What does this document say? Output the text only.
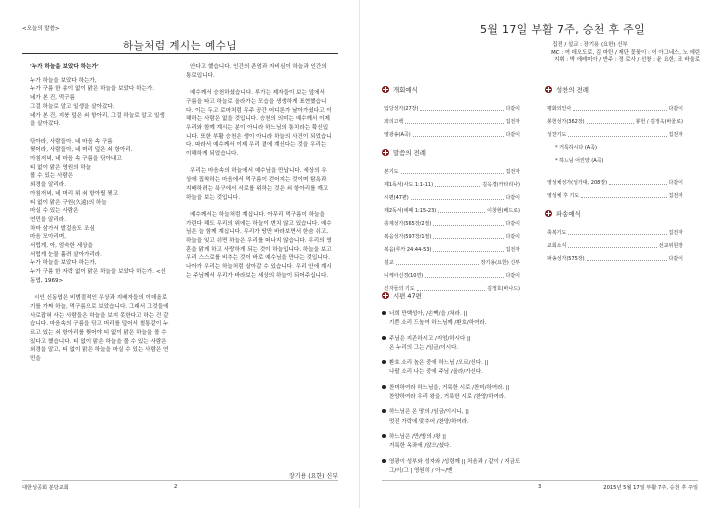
<오늘의 말씀>
하늘처럼 계시는 예수님
'누가 하늘을 보았다 하는가'
누가 하늘을 보았다 하는가,
누가 구름 한 송이 없이 맑은 하늘을 보았다 하는가.
네가 본 건, 먹구름
그걸 하늘로 알고 일생을 살아갔다.
네가 본 건, 지붕 덮은 쇠 항아리, 그걸 하늘로 알고 일생을 살아갔다.
닦아라, 사람들아. 네 마음 속 구름
찢어라, 사람들아, 네 머리 덮은 쇠 항아리.
아침저녁, 네 마음 속 구름을 닦아내고
티 없이 맑은 영원의 하늘
볼 수 있는 사람은
외경을 알리라.
아침저녁, 네 머리 위 쇠 항아릴 찢고
티 없이 맑은 구원(久遠)의 하늘
마실 수 있는 사람은
연민을 알리라.
차마 삼가서 발걸음도 조심
마음 모아리며,
서럽게, 아, 엄숙한 세상을
서럽게 눈물 흘려 살아가리라.
누가 하늘을 보았다 하는가,
누가 구름 한 자락 없이 맑은 하늘을 보았다 하는가. <신동엽, 1969>
시인 신동엽은 비범절적인 우상과 지배자들의 이데올로기를 가짜 하늘, 먹구름으로 보았습니다. 그래서 그것들에 사로잡혀 사는 사람들은 하늘을 보지 못한다고 하는 건 같습니다. 마음속의 구름을 닦고 머리를 덮어서 철통같이 누르고 있는 쇠 항아리를 찢어야 티 없이 맑은 하늘을 볼 수 있다고 했습니다. 티 없이 맑은 하늘을 볼 수 있는 사람은 외경을 알고, 티 없이 맑은 하늘을 마실 수 있는 사람은 연민을
안다고 했습니다. 인간의 존엄과 자비심이 하늘과 인간의 통로입니다.
예수께서 승천하셨습니다. 루가는 제자들이 보는 앞에서 구름을 타고 하늘로 올라가는 모습을 생생하게 표현했습니다. 이는 두고 로마처럼 우주 공간 어디론가 날아가셨다고 이해하는 사람은 없을 것입니다. 승천의 의미는 예수께서 이제 우리와 함께 계시는 분이 아니라 하느님의 통치라는 확신입니다. 또한 부활 승천은 생이 아니라 하늘의 사건이 되었습니다. 따라서 예수께서 이제 우리 곁에 계신다는 것을 우리는 이해하게 되었습니다.
우리는 마음속의 하늘에서 예수님을 만납니다. 세상의 우상에 집착하는 마음에서 먹구름이 걷어지는 것이며 탐욕과 지배하려는 욕구에서 서로를 위하는 것은 쇠 항아리를 깨고 하늘을 보는 것입니다.
예수께서는 하늘처럼 계십니다. 아무리 먹구름이 하늘을 가린다 해도 우리의 위에는 하늘이 변치 않고 있습니다. 예수님은 늘 함께 계십니다. 우리가 땅만 바라보면서 한숨 쉬고, 하늘을 잊고 쉬면 하늘은 우리를 떠나지 않습니다. 우리의 영혼을 맑게 하고 사랑하게 되는 것이 하늘입니다. 하늘을 보고 우리 스스로를 비추는 것이 바로 예수님을 만나는 것입니다. 나아가 우리는 하늘처럼 살아갈 수 있습니다. 우리 안에 계시는 주님께서 우리가 바라보는 세상의 하늘이 되어주십니다.
장기용 (요한) 신부
대한성공회 분당교회	2
5월 17일 부활 7주, 승천 후 주일
집전 / 설교 : 장기용 (요한) 신부
MC : 여 데오도로, 김 마틴 / 제단 꽃꽂이 : 이 아그네스, 노 에린
지휘 : 박 에레미아 / 반주 : 정 로사 / 선창 : 윤 요한, 조 바울로
개회예식
입당성가(27장)	다같이
죄의고백	집전자
영광송(A곡)	다같이
말씀의 전례
본기도	집전자
제1독서(사도 1:1-11)	김옥경(카타리나)
시편(47편)	다같이
제2독서(에페 1:15-23)	이창현(베드로)
층계성가(565장/2절)	다같이
복음성가(597장/1절)	다같이
복음(루카 24:44-53)	집전자
설교	장기용(요한) 신부
니케아신경(10면)	다같이
신자들의 기도	김정호(바나드)
성찬의 전례
평화의인사	다같이
봉헌성가(362장)	봉헌 / 김정옥(바울로)
성찬기도	집전자
* 거룩하시다 (A곡)
* 하느님 어린양 (A곡)
영성체성가(성가대, 208장)	다같이
영성체 후 기도	집전자
파송예식
축복기도	집전자
교회소식	선교위원장
파송성가(575장)	다같이
시편 47편
너희 만백성아, /손뼉/을 /쳐라. ||
기쁜 소리 드높여 하느님께 /환호/하여라.
주님은 지존하시고 /지엄/하시다 ||
온 누리의 그는 /임금/이시다.
환호 소리 높은 중에 하느님 /오르/신다. ||
나팔 소리 나는 중에 주님 /올라/가신다.
찬미하여라 하느님을, 거룩한 시로 /찬미/하여라. ||
찬양하여라 우리 왕을, 거룩한 시로 /찬양/하여라.
하느님은 온 땅의 /임금/이시니, ||
멋진 가락에 맞추어 /찬양/하여라.
하느님은 /만/방의 /왕 ||
거룩한 옥좌에 /앉으/셨다.
영광이 성부와 성자와 /성령께 || 처음과 / 같이 / 지금도
그/이/그 | 영원히 / 아~/멘
3	2015년 5월 17일 부활 7주, 승천 후 주일
